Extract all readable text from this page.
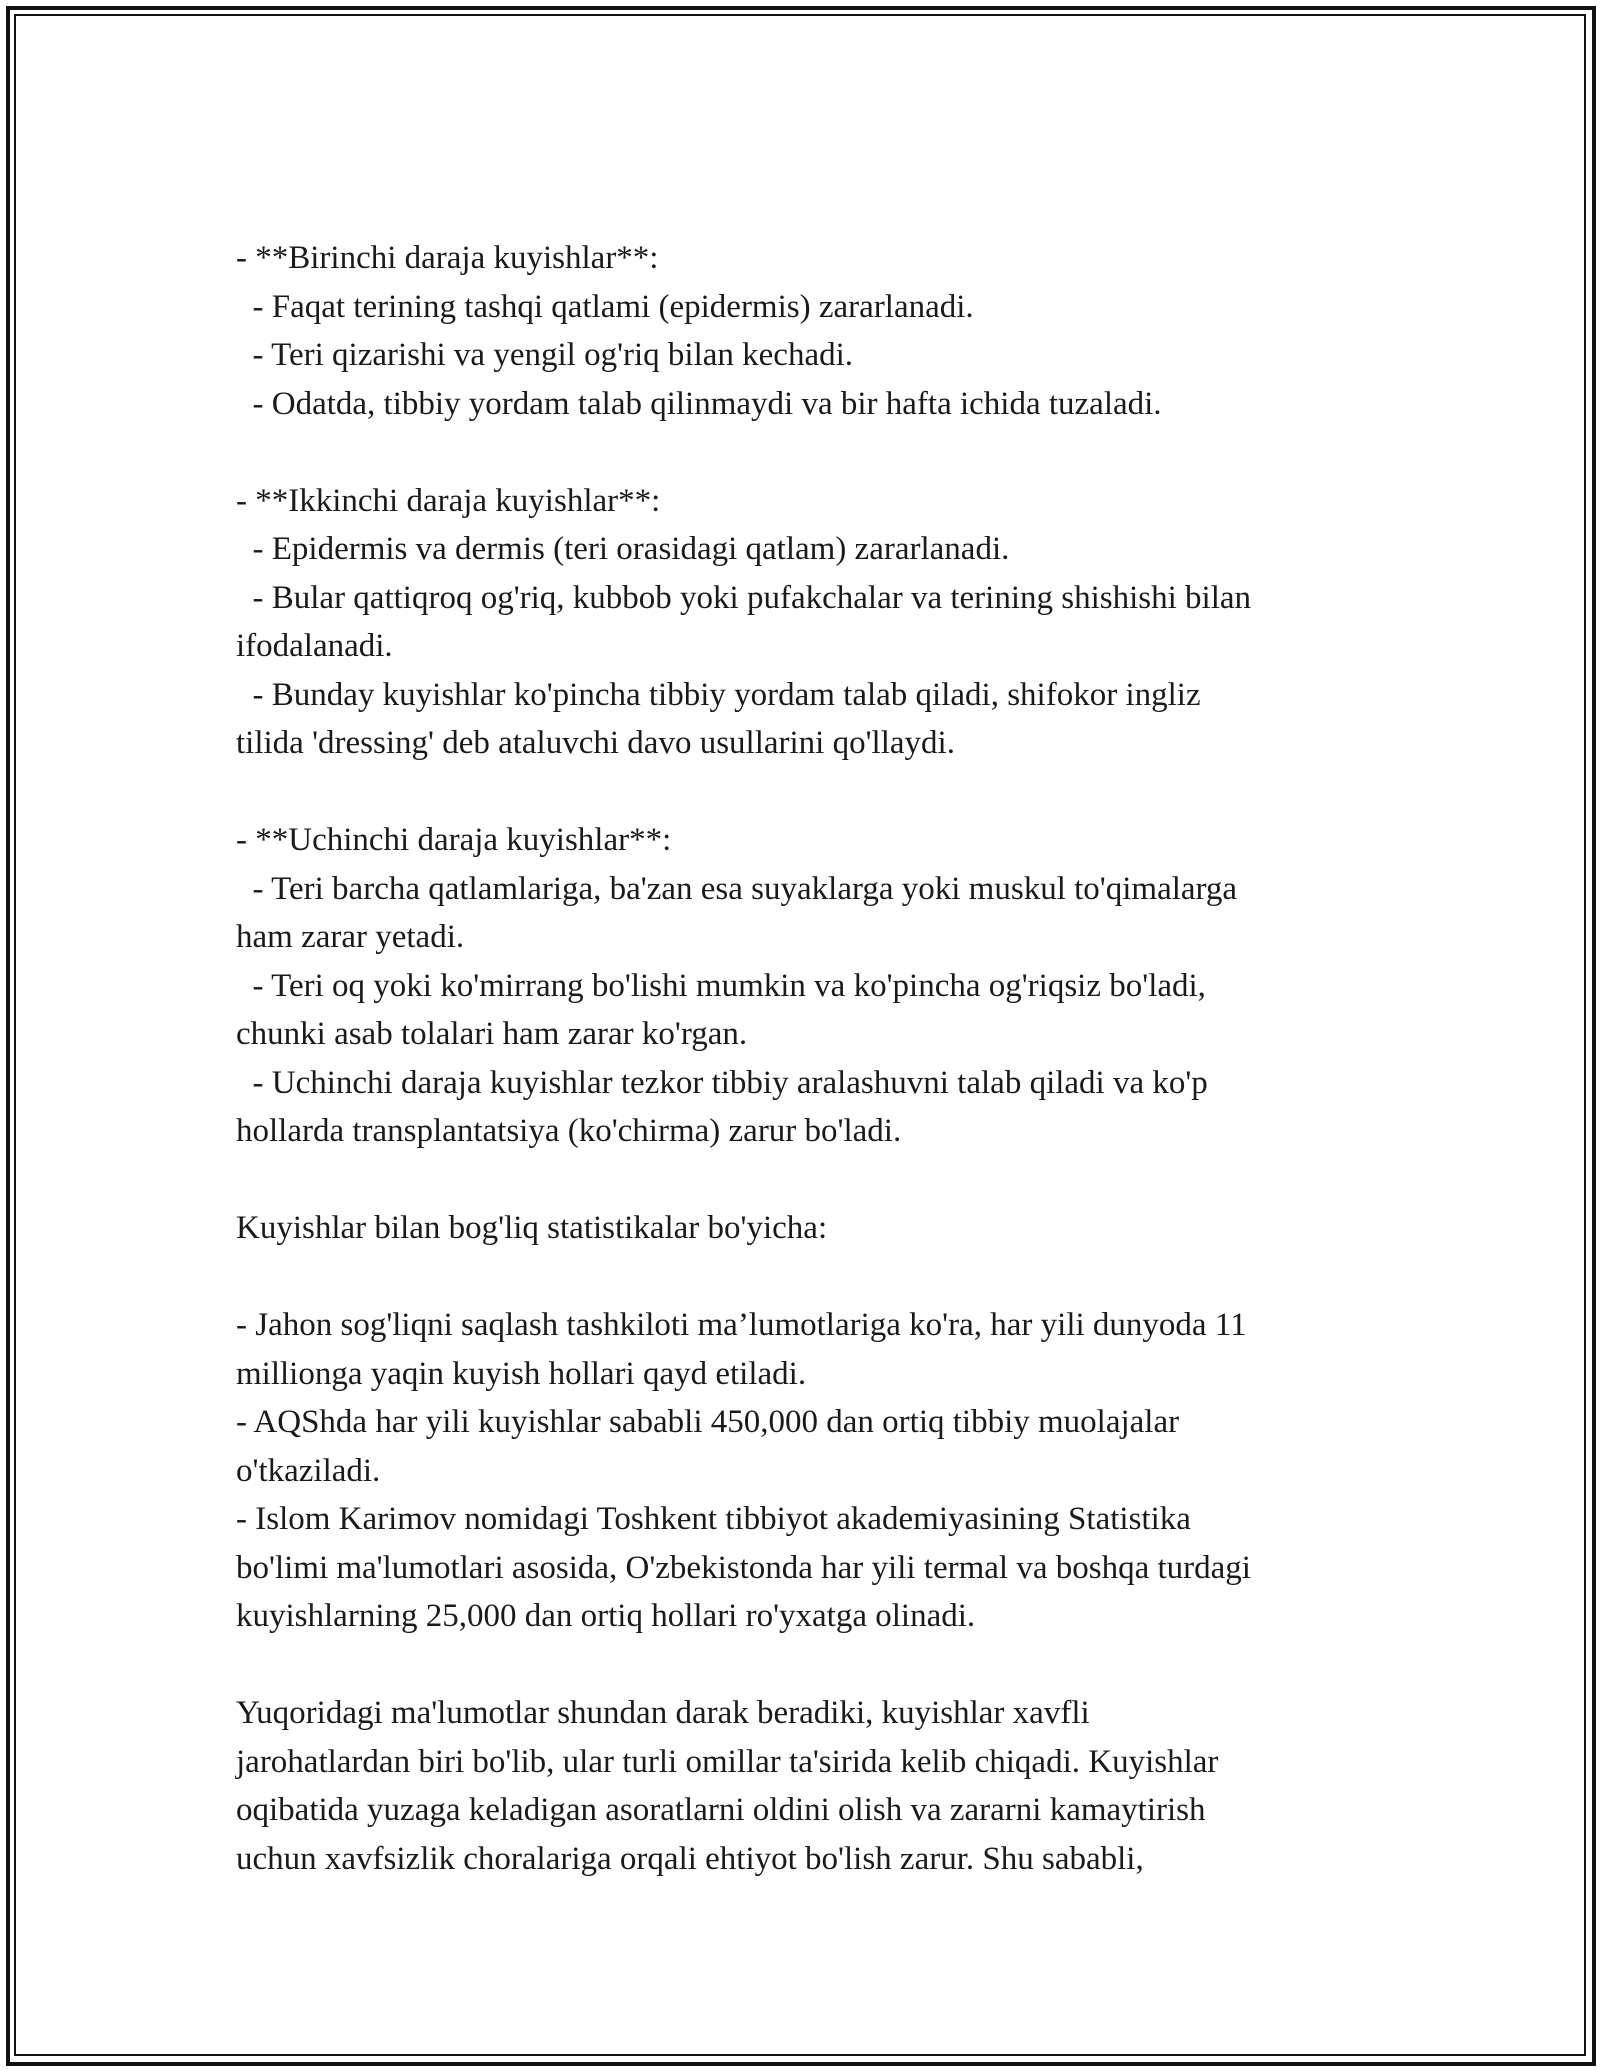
- **Birinchi daraja kuyishlar**:
- Faqat terining tashqi qatlami (epidermis) zararlanadi.
- Teri qizarishi va yengil og'riq bilan kechadi.
- Odatda, tibbiy yordam talab qilinmaydi va bir hafta ichida tuzaladi.
- **Ikkinchi daraja kuyishlar**:
- Epidermis va dermis (teri orasidagi qatlam) zararlanadi.
- Bular qattiqroq og'riq, kubbob yoki pufakchalar va terining shishishi bilan
ifodalanadi.
- Bunday kuyishlar ko'pincha tibbiy yordam talab qiladi, shifokor ingliz
tilida 'dressing' deb ataluvchi davo usullarini qo'llaydi.
- **Uchinchi daraja kuyishlar**:
- Teri barcha qatlamlariga, ba'zan esa suyaklarga yoki muskul to'qimalarga
ham zarar yetadi.
- Teri oq yoki ko'mirrang bo'lishi mumkin va ko'pincha og'riqsiz bo'ladi,
chunki asab tolalari ham zarar ko'rgan.
- Uchinchi daraja kuyishlar tezkor tibbiy aralashuvni talab qiladi va ko'p
hollarda transplantatsiya (ko'chirma) zarur bo'ladi.
Kuyishlar bilan bog'liq statistikalar bo'yicha:
- Jahon sog'liqni saqlash tashkiloti ma’lumotlariga ko'ra, har yili dunyoda 11
millionga yaqin kuyish hollari qayd etiladi.
- AQShda har yili kuyishlar sababli 450,000 dan ortiq tibbiy muolajalar
o'tkaziladi.
- Islom Karimov nomidagi Toshkent tibbiyot akademiyasining Statistika
bo'limi ma'lumotlari asosida, O'zbekistonda har yili termal va boshqa turdagi
kuyishlarning 25,000 dan ortiq hollari ro'yxatga olinadi.
Yuqoridagi ma'lumotlar shundan darak beradiki, kuyishlar xavfli
jarohatlardan biri bo'lib, ular turli omillar ta'sirida kelib chiqadi. Kuyishlar
oqibatida yuzaga keladigan asoratlarni oldini olish va zararni kamaytirish
uchun xavfsizlik choralariga orqali ehtiyot bo'lish zarur. Shu sababli,
